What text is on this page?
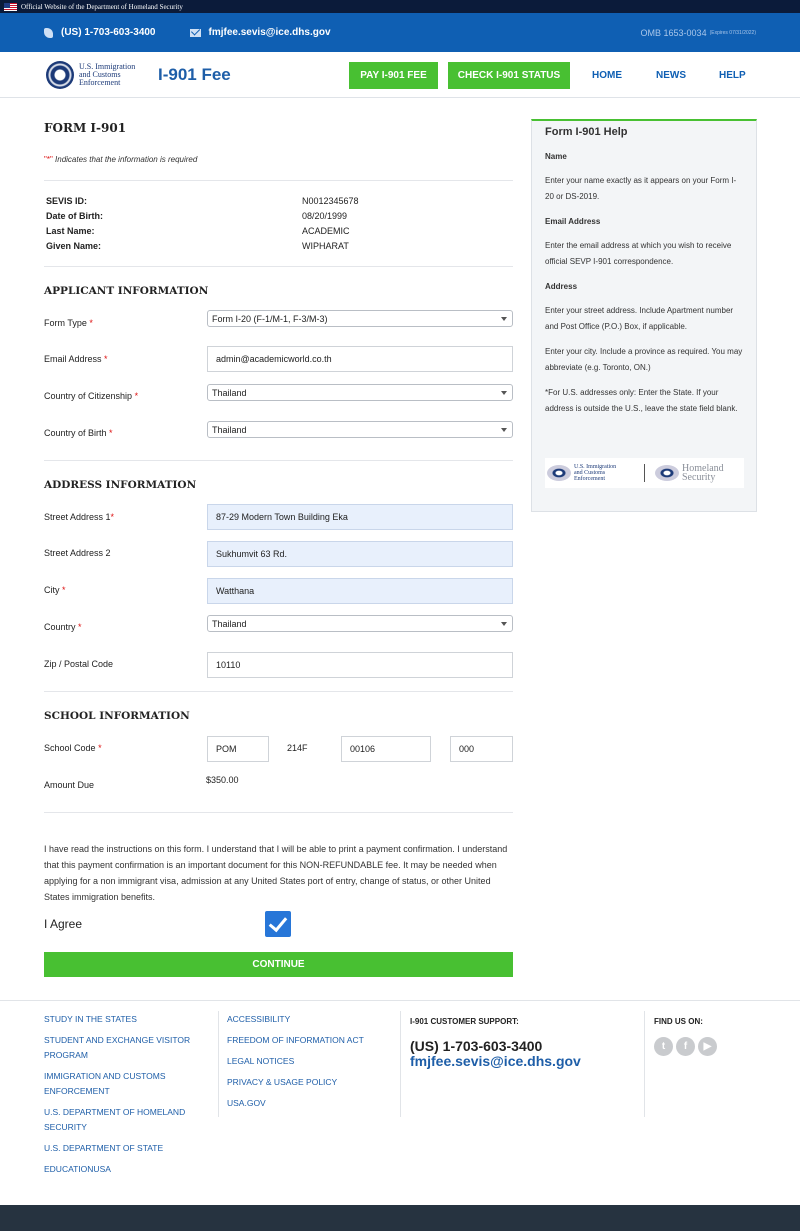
Official Website of the Department of Homeland Security
(US) 1-703-603-3400	fmjfee.sevis@ice.dhs.gov	OMB 1653-0034 (Expires 07/31/2022)
U.S. Immigration
and Customs
Enforcement	I-901 Fee	PAY I-901 FEE	CHECK I-901 STATUS	HOME	NEWS	HELP
FORM I-901
"*" Indicates that the information is required
SEVIS ID:	N0012345678
Date of Birth:	08/20/1999
Last Name:	ACADEMIC
Given Name:	WIPHARAT
APPLICANT INFORMATION
Form Type *	Form I-20 (F-1/M-1, F-3/M-3)
Email Address *	admin@academicworld.co.th
Country of Citizenship *	Thailand
Country of Birth *	Thailand
ADDRESS INFORMATION
Street Address 1*	87-29 Modern Town Building Eka
Street Address 2	Sukhumvit 63 Rd.
City *	Watthana
Country *	Thailand
Zip / Postal Code	10110
SCHOOL INFORMATION
School Code *	POM	214F	00106	000
Amount Due	$350.00
I have read the instructions on this form. I understand that I will be able to print a payment confirmation. I understand that this payment confirmation is an important document for this NON-REFUNDABLE fee. It may be needed when applying for a non immigrant visa, admission at any United States port of entry, change of status, or other United States immigration benefits.
I Agree
CONTINUE
Form I-901 Help
Name
Enter your name exactly as it appears on your Form I-20 or DS-2019.
Email Address
Enter the email address at which you wish to receive official SEVP I-901 correspondence.
Address
Enter your street address. Include Apartment number and Post Office (P.O.) Box, if applicable.
Enter your city. Include a province as required. You may abbreviate (e.g. Toronto, ON.)
*For U.S. addresses only: Enter the State. If your address is outside the U.S., leave the state field blank.
U.S. Immigration
and Customs
Enforcement
Homeland
Security
STUDY IN THE STATES
STUDENT AND EXCHANGE VISITOR PROGRAM
IMMIGRATION AND CUSTOMS ENFORCEMENT
U.S. DEPARTMENT OF HOMELAND SECURITY
U.S. DEPARTMENT OF STATE
EDUCATIONUSA
ACCESSIBILITY
FREEDOM OF INFORMATION ACT
LEGAL NOTICES
PRIVACY & USAGE POLICY
USA.GOV
I-901 CUSTOMER SUPPORT:
(US) 1-703-603-3400
fmjfee.sevis@ice.dhs.gov
FIND US ON:
t	f	▶
